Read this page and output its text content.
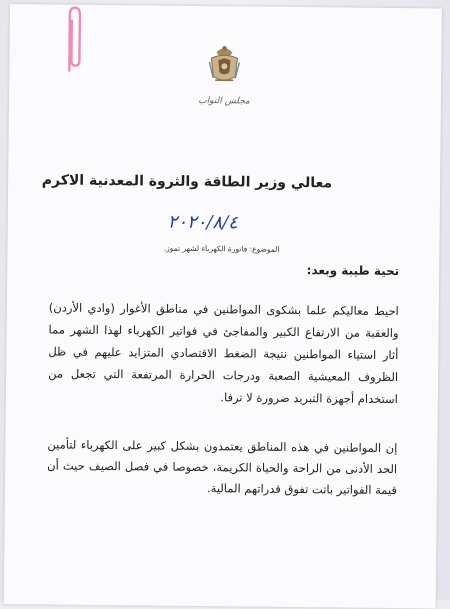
مجلس النواب
معالي وزير الطاقة والثروة المعدنية الاكرم
٢٠٢٠/٨/٤
الموضوع: فاتورة الكهرباء لشهر تموز.
تحية طيبة وبعد:

احيط معاليكم علما بشكوى المواطنين في مناطق الأغوار (وادي الأردن) والعقبة من الارتفاع الكبير والمفاجئ في فواتير الكهرباء لهذا الشهر مما أثار استياء المواطنين نتيجة الضغط الاقتصادي المتزايد عليهم في ظل الظروف المعيشية الصعبة ودرجات الحرارة المرتفعة التي تجعل من استخدام أجهزة التبريد ضرورة لا ترفا.

إن المواطنين في هذه المناطق يعتمدون بشكل كبير على الكهرباء لتأمين الحد الأدنى من الراحة والحياة الكريمة، خصوصا في فصل الصيف حيث أن قيمة الفواتير باتت تفوق قدراتهم المالية.
